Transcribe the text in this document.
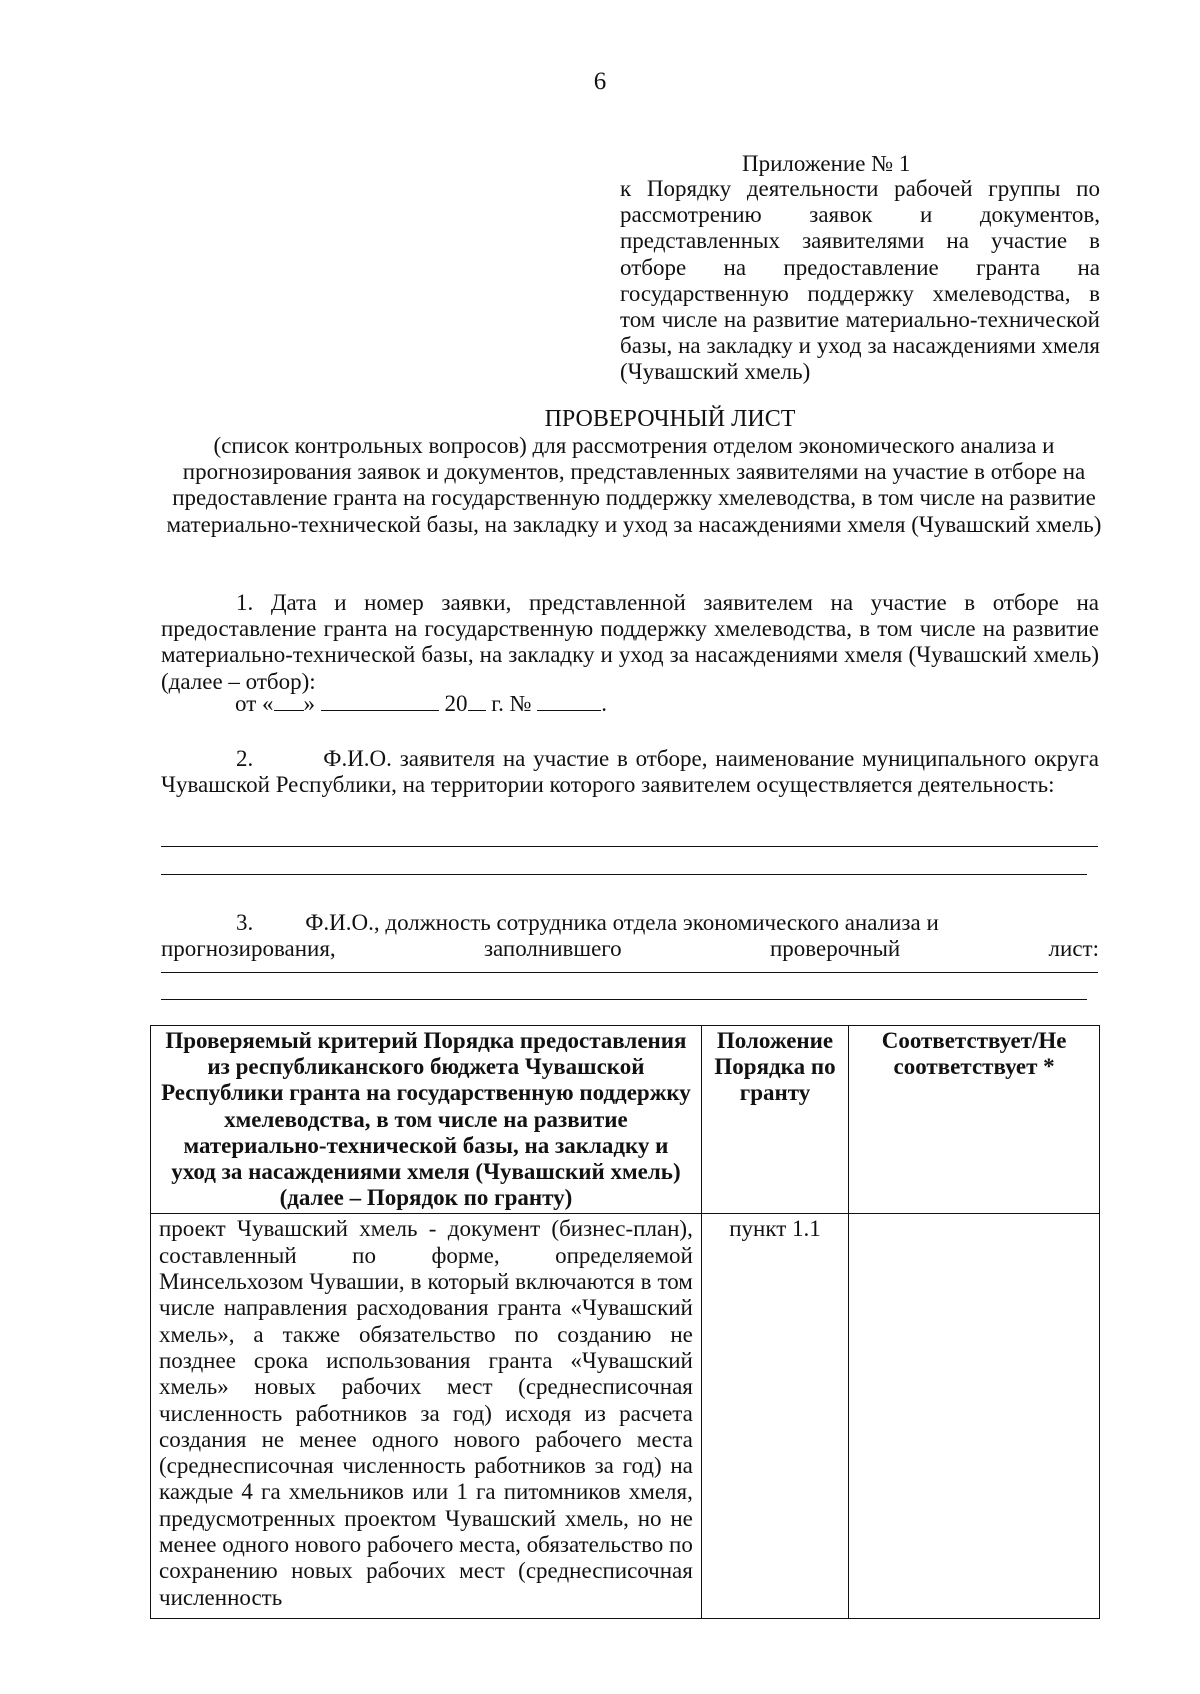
6
Приложение № 1
к Порядку деятельности рабочей группы по рассмотрению заявок и документов, представленных заявителями на участие в отборе на предоставление гранта на государственную поддержку хмелеводства, в том числе на развитие материально-технической базы, на закладку и уход за насаждениями хмеля (Чувашский хмель)
ПРОВЕРОЧНЫЙ ЛИСТ
(список контрольных вопросов) для рассмотрения отделом экономического анализа и прогнозирования заявок и документов, представленных заявителями на участие в отборе на предоставление гранта на государственную поддержку хмелеводства, в том числе на развитие материально-технической базы, на закладку и уход за насаждениями хмеля (Чувашский хмель)
1. Дата и номер заявки, представленной заявителем на участие в отборе на предоставление гранта на государственную поддержку хмелеводства, в том числе на развитие материально-технической базы, на закладку и уход за насаждениями хмеля (Чувашский хмель) (далее – отбор):
от « »	20 г. №	.
2.	Ф.И.О. заявителя на участие в отборе, наименование муниципального округа Чувашской Республики, на территории которого заявителем осуществляется деятельность:
3. Ф.И.О., должность сотрудника отдела экономического анализа и
прогнозирования,	заполнившего	проверочный	лист:
Проверяемый критерий Порядка предоставления из республиканского бюджета Чувашской Республики гранта на государственную поддержку хмелеводства, в том числе на развитие материально-технической базы, на закладку и уход за насаждениями хмеля (Чувашский хмель) (далее – Порядок по гранту)	Положение Порядка по гранту	Соответствует/Не соответствует *
проект Чувашский хмель - документ (бизнес-план), составленный по форме, определяемой Минсельхозом Чувашии, в который включаются в том числе направления расходования гранта «Чувашский хмель», а также обязательство по созданию не позднее срока использования гранта «Чувашский хмель» новых рабочих мест (среднесписочная численность работников за год) исходя из расчета создания не менее одного нового рабочего места (среднесписочная численность работников за год) на каждые 4 га хмельников или 1 га питомников хмеля, предусмотренных проектом Чувашский хмель, но не менее одного нового рабочего места, обязательство по сохранению новых рабочих мест (среднесписочная численность	пункт 1.1	
